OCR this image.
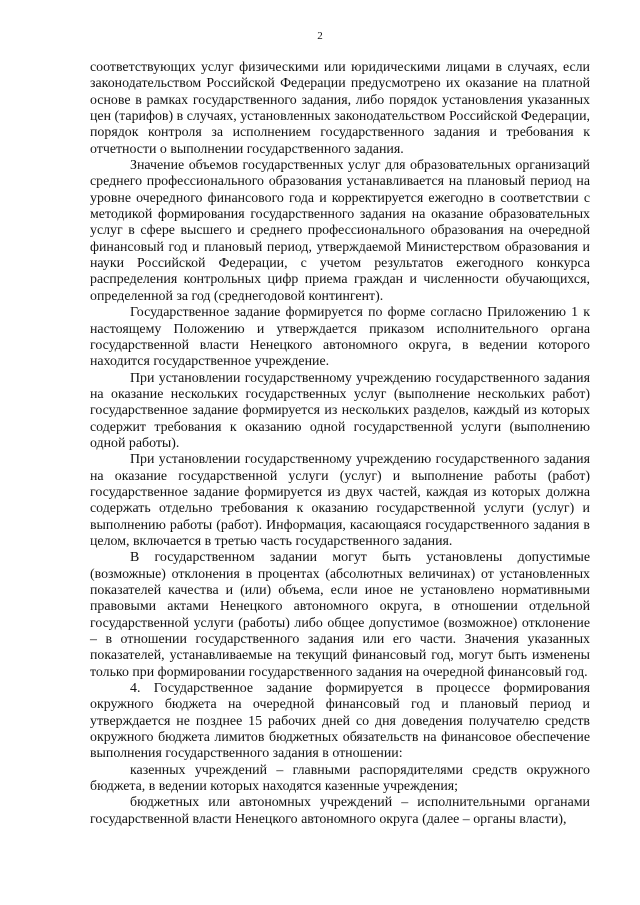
2

соответствующих услуг физическими или юридическими лицами в случаях, если законодательством Российской Федерации предусмотрено их оказание на платной основе в рамках государственного задания, либо порядок установления указанных цен (тарифов) в случаях, установленных законодательством Российской Федерации, порядок контроля за исполнением государственного задания и требования к отчетности о выполнении государственного задания.

Значение объемов государственных услуг для образовательных организаций среднего профессионального образования устанавливается на плановый период на уровне очередного финансового года и корректируется ежегодно в соответствии с методикой формирования государственного задания на оказание образовательных услуг в сфере высшего и среднего профессионального образования на очередной финансовый год и плановый период, утверждаемой Министерством образования и науки Российской Федерации, с учетом результатов ежегодного конкурса распределения контрольных цифр приема граждан и численности обучающихся, определенной за год (среднегодовой контингент).

Государственное задание формируется по форме согласно Приложению 1 к настоящему Положению и утверждается приказом исполнительного органа государственной власти Ненецкого автономного округа, в ведении которого находится государственное учреждение.

При установлении государственному учреждению государственного задания на оказание нескольких государственных услуг (выполнение нескольких работ) государственное задание формируется из нескольких разделов, каждый из которых содержит требования к оказанию одной государственной услуги (выполнению одной работы).

При установлении государственному учреждению государственного задания на оказание государственной услуги (услуг) и выполнение работы (работ) государственное задание формируется из двух частей, каждая из которых должна содержать отдельно требования к оказанию государственной услуги (услуг) и выполнению работы (работ). Информация, касающаяся государственного задания в целом, включается в третью часть государственного задания.

В государственном задании могут быть установлены допустимые (возможные) отклонения в процентах (абсолютных величинах) от установленных показателей качества и (или) объема, если иное не установлено нормативными правовыми актами Ненецкого автономного округа, в отношении отдельной государственной услуги (работы) либо общее допустимое (возможное) отклонение – в отношении государственного задания или его части. Значения указанных показателей, устанавливаемые на текущий финансовый год, могут быть изменены только при формировании государственного задания на очередной финансовый год.

4. Государственное задание формируется в процессе формирования окружного бюджета на очередной финансовый год и плановый период и утверждается не позднее 15 рабочих дней со дня доведения получателю средств окружного бюджета лимитов бюджетных обязательств на финансовое обеспечение выполнения государственного задания в отношении:

казенных учреждений – главными распорядителями средств окружного бюджета, в ведении которых находятся казенные учреждения;

бюджетных или автономных учреждений – исполнительными органами государственной власти Ненецкого автономного округа (далее – органы власти),
